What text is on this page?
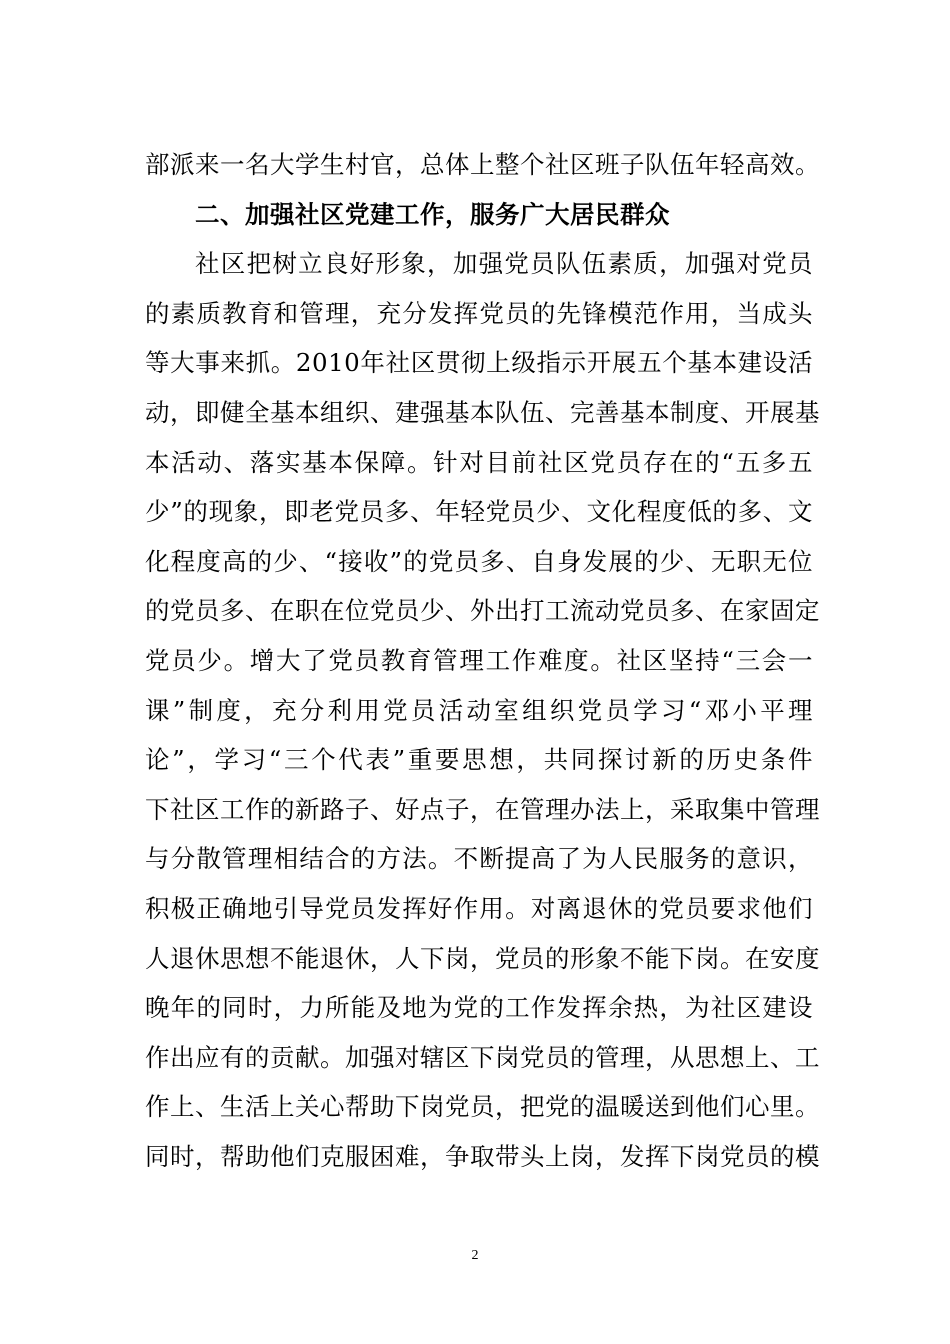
部派来一名大学生村官，总体上整个社区班子队伍年轻高效。
二、加强社区党建工作，服务广大居民群众
社区把树立良好形象，加强党员队伍素质，加强对党员
的素质教育和管理，充分发挥党员的先锋模范作用，当成头
等大事来抓。2010年社区贯彻上级指示开展五个基本建设活
动，即健全基本组织、建强基本队伍、完善基本制度、开展基
本活动、落实基本保障。针对目前社区党员存在的“五多五
少”的现象，即老党员多、年轻党员少、文化程度低的多、文
化程度高的少、“接收”的党员多、自身发展的少、无职无位
的党员多、在职在位党员少、外出打工流动党员多、在家固定
党员少。增大了党员教育管理工作难度。社区坚持“三会一
课”制度，充分利用党员活动室组织党员学习“邓小平理
论”，学习“三个代表”重要思想，共同探讨新的历史条件
下社区工作的新路子、好点子，在管理办法上，采取集中管理
与分散管理相结合的方法。不断提高了为人民服务的意识，
积极正确地引导党员发挥好作用。对离退休的党员要求他们
人退休思想不能退休，人下岗，党员的形象不能下岗。在安度
晚年的同时，力所能及地为党的工作发挥余热，为社区建设
作出应有的贡献。加强对辖区下岗党员的管理，从思想上、工
作上、生活上关心帮助下岗党员，把党的温暖送到他们心里。
同时，帮助他们克服困难，争取带头上岗，发挥下岗党员的模
2
